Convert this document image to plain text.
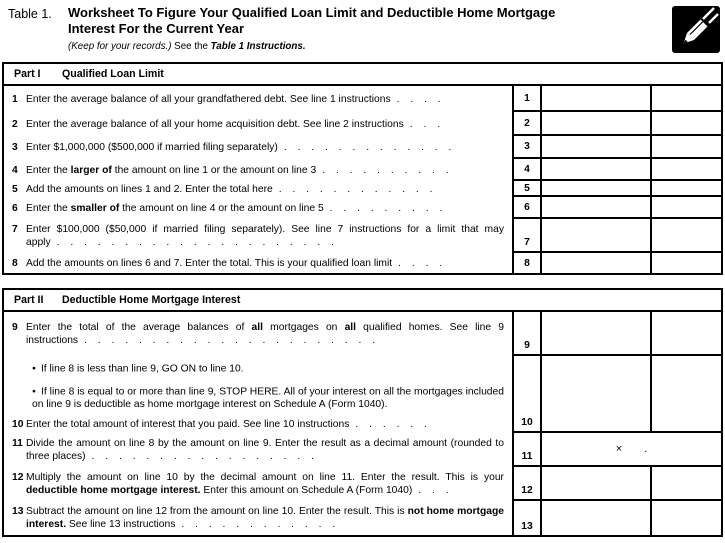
Table 1. Worksheet To Figure Your Qualified Loan Limit and Deductible Home Mortgage
Interest For the Current Year
(Keep for your records.) See the Table 1 Instructions.
Part I	Qualified Loan Limit

1 Enter the average balance of all your grandfathered debt. See line 1 instructions . . . .	1

2 Enter the average balance of all your home acquisition debt. See line 2 instructions . . .	2

3 Enter $1,000,000 ($500,000 if married filing separately) . . . . . . . . . . . . .	3

4 Enter the larger of the amount on line 1 or the amount on line 3 . . . . . . . . . .	4

5 Add the amounts on lines 1 and 2. Enter the total here . . . . . . . . . . . .	5

6 Enter the smaller of the amount on line 4 or the amount on line 5 . . . . . . . . .	6

7 Enter $100,000 ($50,000 if married filing separately). See line 7 instructions for a limit that may apply . . . . . . . . . . . . . . . . . . . . .	7

8 Add the amounts on lines 6 and 7. Enter the total. This is your qualified loan limit . . . .	8
Part II	Deductible Home Mortgage Interest

9 Enter the total of the average balances of all mortgages on all qualified homes. See line 9 instructions . . . . . . . . . . . . . . . . . . . . . .	9

● If line 8 is less than line 9, GO ON to line 10.

● If line 8 is equal to or more than line 9, STOP HERE. All of your interest on all the mortgages included on line 9 is deductible as home mortgage interest on Schedule A (Form 1040).

10 Enter the total amount of interest that you paid. See line 10 instructions . . . . . .	10

11 Divide the amount on line 8 by the amount on line 9. Enter the result as a decimal amount (rounded to three places) . . . . . . . . . . . . . . . . .	11
× .

12 Multiply the amount on line 10 by the decimal amount on line 11. Enter the result. This is your deductible home mortgage interest. Enter this amount on Schedule A (Form 1040) . . .	12

13 Subtract the amount on line 12 from the amount on line 10. Enter the result. This is not home mortgage interest. See line 13 instructions . . . . . . . . . . . .	13
